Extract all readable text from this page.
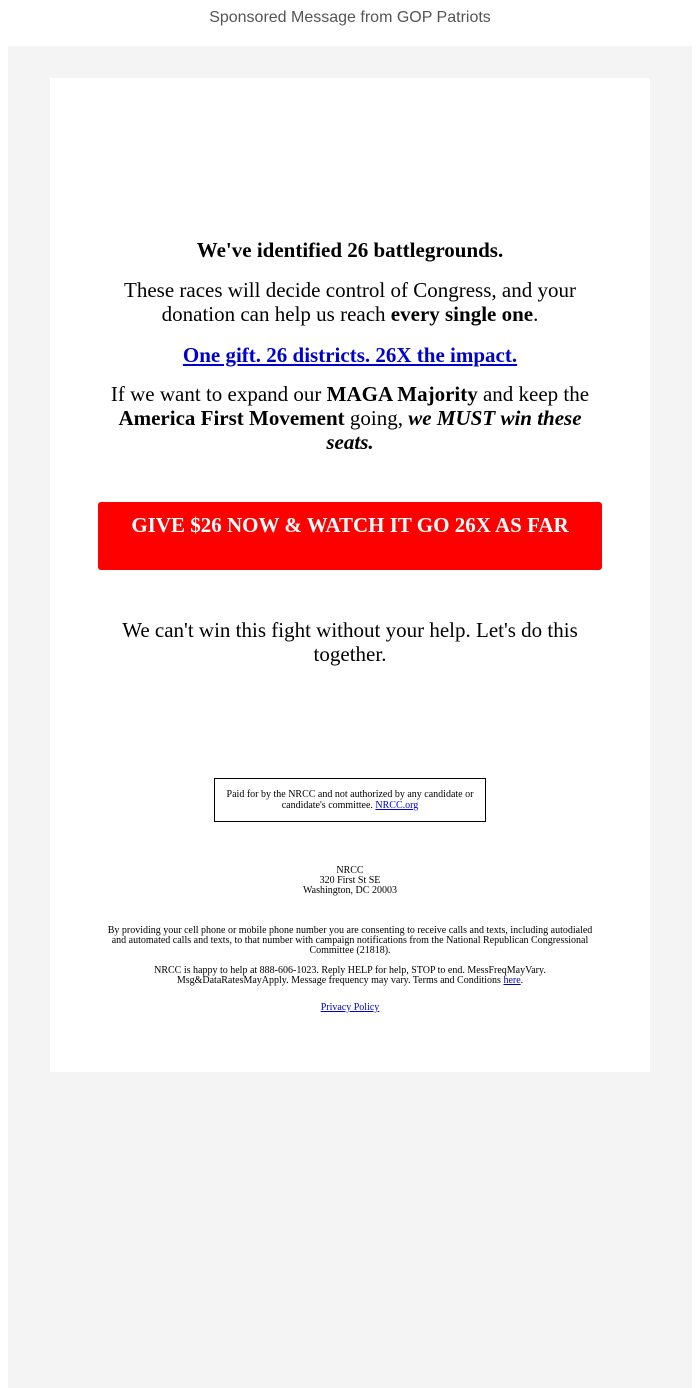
Sponsored Message from GOP Patriots

We've identified 26 battlegrounds.

These races will decide control of Congress, and your donation can help us reach every single one.

One gift. 26 districts. 26X the impact.

If we want to expand our MAGA Majority and keep the America First Movement going, we MUST win these seats.

GIVE $26 NOW & WATCH IT GO 26X AS FAR

We can't win this fight without your help. Let's do this together.

Paid for by the NRCC and not authorized by any candidate or candidate's committee. NRCC.org
NRCC
320 First St SE
Washington, DC 20003

By providing your cell phone or mobile phone number you are consenting to receive calls and texts, including autodialed and automated calls and texts, to that number with campaign notifications from the National Republican Congressional Committee (21818).

NRCC is happy to help at 888-606-1023. Reply HELP for help, STOP to end. MessFreqMayVary. Msg&DataRatesMayApply. Message frequency may vary. Terms and Conditions here.

Privacy Policy
